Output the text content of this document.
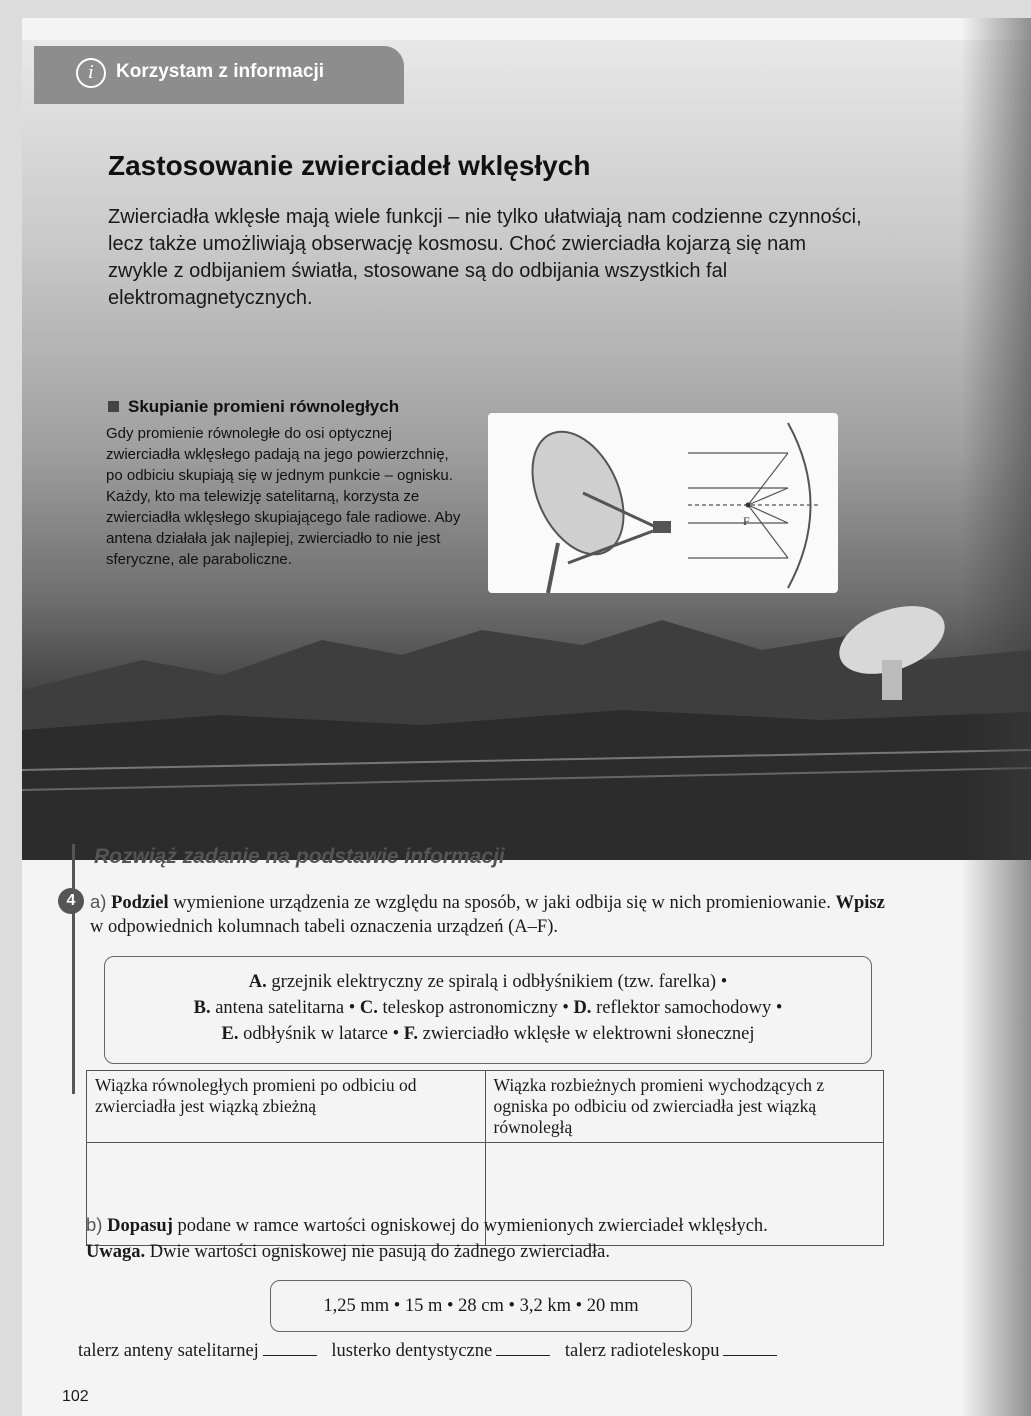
i	Korzystam z informacji
Zastosowanie zwierciadeł wklęsłych
Zwierciadła wklęsłe mają wiele funkcji – nie tylko ułatwiają nam codzienne czynności, lecz także umożliwiają obserwację kosmosu. Choć zwierciadła kojarzą się nam zwykle z odbijaniem światła, stosowane są do odbijania wszystkich fal elektromagnetycznych.
Skupianie promieni równoległych
Gdy promienie równoległe do osi optycznej zwierciadła wklęsłego padają na jego powierzchnię, po odbiciu skupiają się w jednym punkcie – ognisku. Każdy, kto ma telewizję satelitarną, korzysta ze zwierciadła wklęsłego skupiającego fale radiowe. Aby antena działała jak najlepiej, zwierciadło to nie jest sferyczne, ale paraboliczne.
F
Rozwiąż zadanie na podstawie informacji
4 a) Podziel wymienione urządzenia ze względu na sposób, w jaki odbija się w nich promieniowanie. Wpisz w odpowiednich kolumnach tabeli oznaczenia urządzeń (A–F).
A. grzejnik elektryczny ze spiralą i odbłyśnikiem (tzw. farelka) •
B. antena satelitarna • C. teleskop astronomiczny • D. reflektor samochodowy •
E. odbłyśnik w latarce • F. zwierciadło wklęsłe w elektrowni słonecznej
Wiązka równoległych promieni po odbiciu od zwierciadła jest wiązką zbieżną	Wiązka rozbieżnych promieni wychodzących z ogniska po odbiciu od zwierciadła jest wiązką równoległą

b) Dopasuj podane w ramce wartości ogniskowej do wymienionych zwierciadeł wklęsłych.
Uwaga. Dwie wartości ogniskowej nie pasują do żadnego zwierciadła.
1,25 mm • 15 m • 28 cm • 3,2 km • 20 mm
talerz anteny satelitarnej	lusterko dentystyczne	talerz radioteleskopu
102
